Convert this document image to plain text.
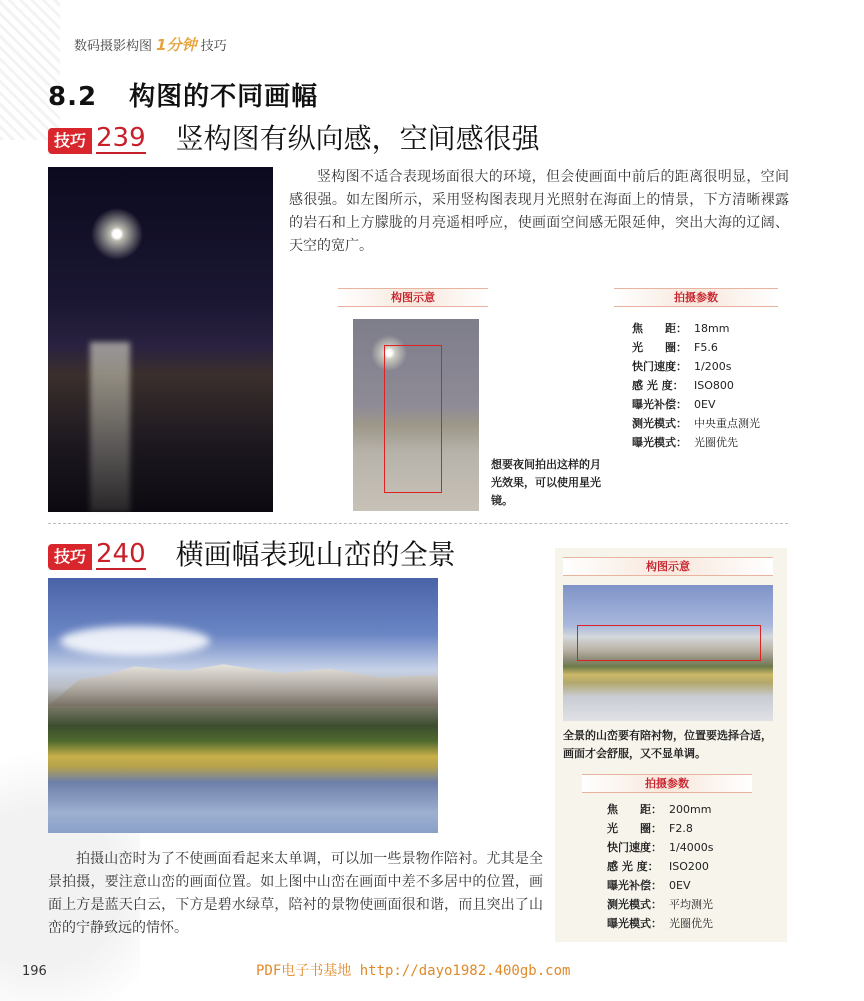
数码摄影构图 1分钟 技巧
8.2 构图的不同画幅
技巧 239 竖构图有纵向感，空间感很强
竖构图不适合表现场面很大的环境，但会使画面中前后的距离很明显，空间感很强。如左图所示，采用竖构图表现月光照射在海面上的情景，下方清晰裸露的岩石和上方朦胧的月亮遥相呼应，使画面空间感无限延伸，突出大海的辽阔、天空的宽广。
构图示意
想要夜间拍出这样的月光效果，可以使用星光镜。
拍摄参数
焦　　距： 18mm
光　　圈： F5.6
快门速度： 1/200s
感 光 度： ISO800
曝光补偿： 0EV
测光模式： 中央重点测光
曝光模式： 光圈优先
技巧 240 横画幅表现山峦的全景
拍摄山峦时为了不使画面看起来太单调，可以加一些景物作陪衬。尤其是全景拍摄，要注意山峦的画面位置。如上图中山峦在画面中差不多居中的位置，画面上方是蓝天白云，下方是碧水绿草，陪衬的景物使画面很和谐，而且突出了山峦的宁静致远的情怀。
构图示意
全景的山峦要有陪衬物，位置要选择合适，画面才会舒服，又不显单调。
拍摄参数
焦　　距： 200mm
光　　圈： F2.8
快门速度： 1/4000s
感 光 度： ISO200
曝光补偿： 0EV
测光模式： 平均测光
曝光模式： 光圈优先
196	PDF电子书基地 http://dayo1982.400gb.com
